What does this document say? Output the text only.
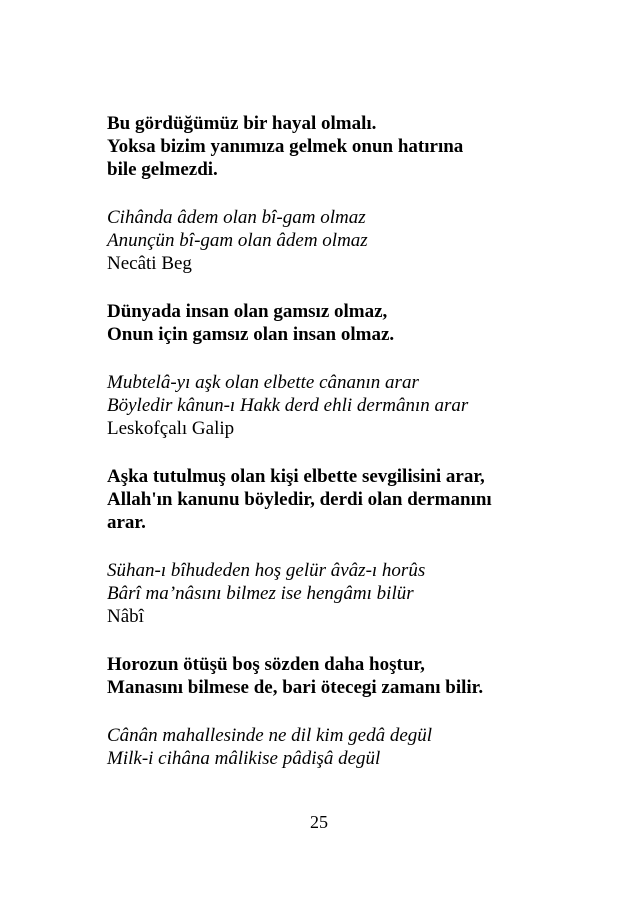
Bu gördüğümüz bir hayal olmalı.
Yoksa bizim yanımıza gelmek onun hatırına
bile gelmezdi.
Cihânda âdem olan bî-gam olmaz
Anunçün bî-gam olan âdem olmaz
Necâti Beg
Dünyada insan olan gamsız olmaz,
Onun için gamsız olan insan olmaz.
Mubtelâ-yı aşk olan elbette cânanın arar
Böyledir kânun-ı Hakk derd ehli dermânın arar
Leskofçalı Galip
Aşka tutulmuş olan kişi elbette sevgilisini arar,
Allah'ın kanunu böyledir, derdi olan dermanını
arar.
Sühan-ı bîhudeden hoş gelür âvâz-ı horûs
Bârî ma’nâsını bilmez ise hengâmı bilür
Nâbî
Horozun ötüşü boş sözden daha hoştur,
Manasını bilmese de, bari ötecegi zamanı bilir.
Cânân mahallesinde ne dil kim gedâ degül
Milk-i cihâna mâlikise pâdişâ degül
25
